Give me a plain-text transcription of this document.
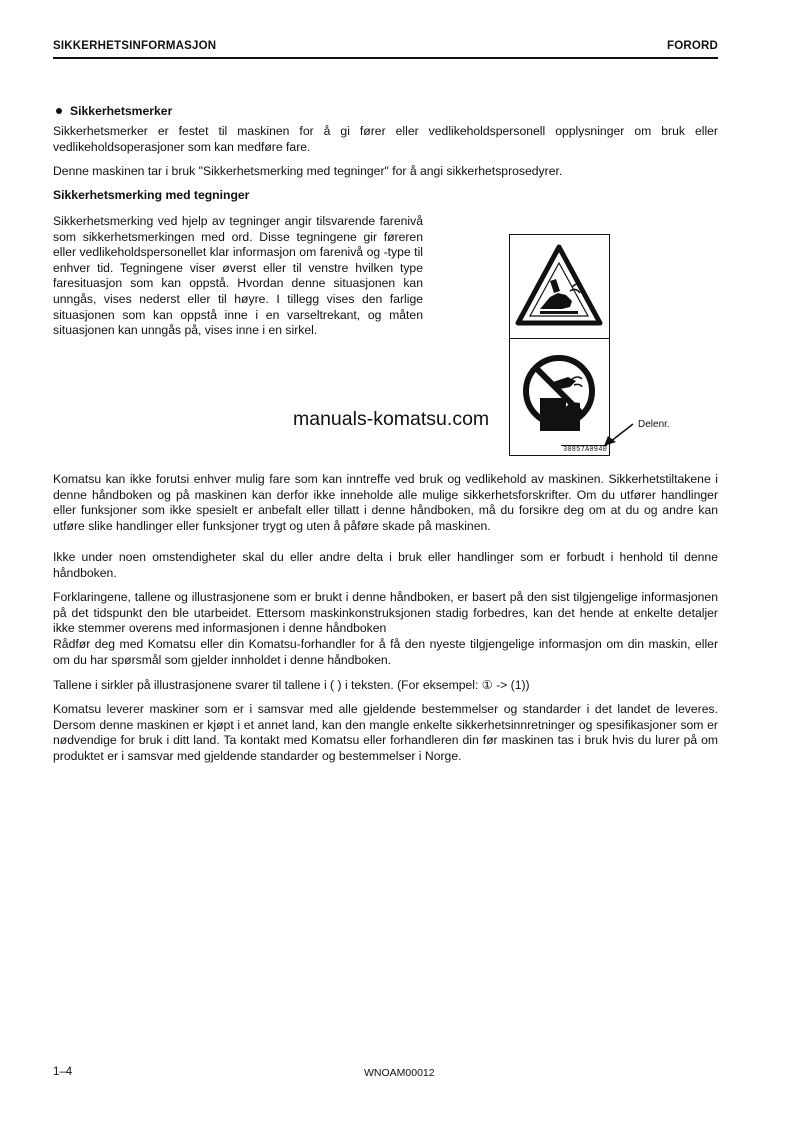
SIKKERHETSINFORMASJON	FORORD
Sikkerhetsmerker
Sikkerhetsmerker er festet til maskinen for å gi fører eller vedlikeholdspersonell opplysninger om bruk eller vedlikeholdsoperasjoner som kan medføre fare.
Denne maskinen tar i bruk "Sikkerhetsmerking med tegninger" for å angi sikkerhetsprosedyrer.
Sikkerhetsmerking med tegninger
Sikkerhetsmerking ved hjelp av tegninger angir tilsvarende farenivå som sikkerhetsmerkingen med ord. Disse tegningene gir føreren eller vedlikeholdspersonellet klar informasjon om farenivå og -type til enhver tid. Tegningene viser øverst eller til venstre hvilken type faresituasjon som kan oppstå. Hvordan denne situasjonen kan unngås, vises nederst eller til høyre. I tillegg vises den farlige situasjonen som kan oppstå inne i en varseltrekant, og måten situasjonen kan unngås på, vises inne i en sirkel.
30857A0940
Delenr.
manuals-komatsu.com
Komatsu kan ikke forutsi enhver mulig fare som kan inntreffe ved bruk og vedlikehold av maskinen. Sikkerhetstiltakene i denne håndboken og på maskinen kan derfor ikke inneholde alle mulige sikkerhetsforskrifter. Om du utfører handlinger eller funksjoner som ikke spesielt er anbefalt eller tillatt i denne håndboken, må du forsikre deg om at du og andre kan utføre slike handlinger eller funksjoner trygt og uten å påføre skade på maskinen.
Ikke under noen omstendigheter skal du eller andre delta i bruk eller handlinger som er forbudt i henhold til denne håndboken.
Forklaringene, tallene og illustrasjonene som er brukt i denne håndboken, er basert på den sist tilgjengelige informasjonen på det tidspunkt den ble utarbeidet. Ettersom maskinkonstruksjonen stadig forbedres, kan det hende at enkelte detaljer ikke stemmer overens med informasjonen i denne håndboken
Rådfør deg med Komatsu eller din Komatsu-forhandler for å få den nyeste tilgjengelige informasjon om din maskin, eller om du har spørsmål som gjelder innholdet i denne håndboken.
Tallene i sirkler på illustrasjonene svarer til tallene i ( ) i teksten. (For eksempel: ① -> (1))
Komatsu leverer maskiner som er i samsvar med alle gjeldende bestemmelser og standarder i det landet de leveres. Dersom denne maskinen er kjøpt i et annet land, kan den mangle enkelte sikkerhetsinnretninger og spesifikasjoner som er nødvendige for bruk i ditt land. Ta kontakt med Komatsu eller forhandleren din før maskinen tas i bruk hvis du lurer på om produktet er i samsvar med gjeldende standarder og bestemmelser i Norge.
1–4	WNOAM00012
